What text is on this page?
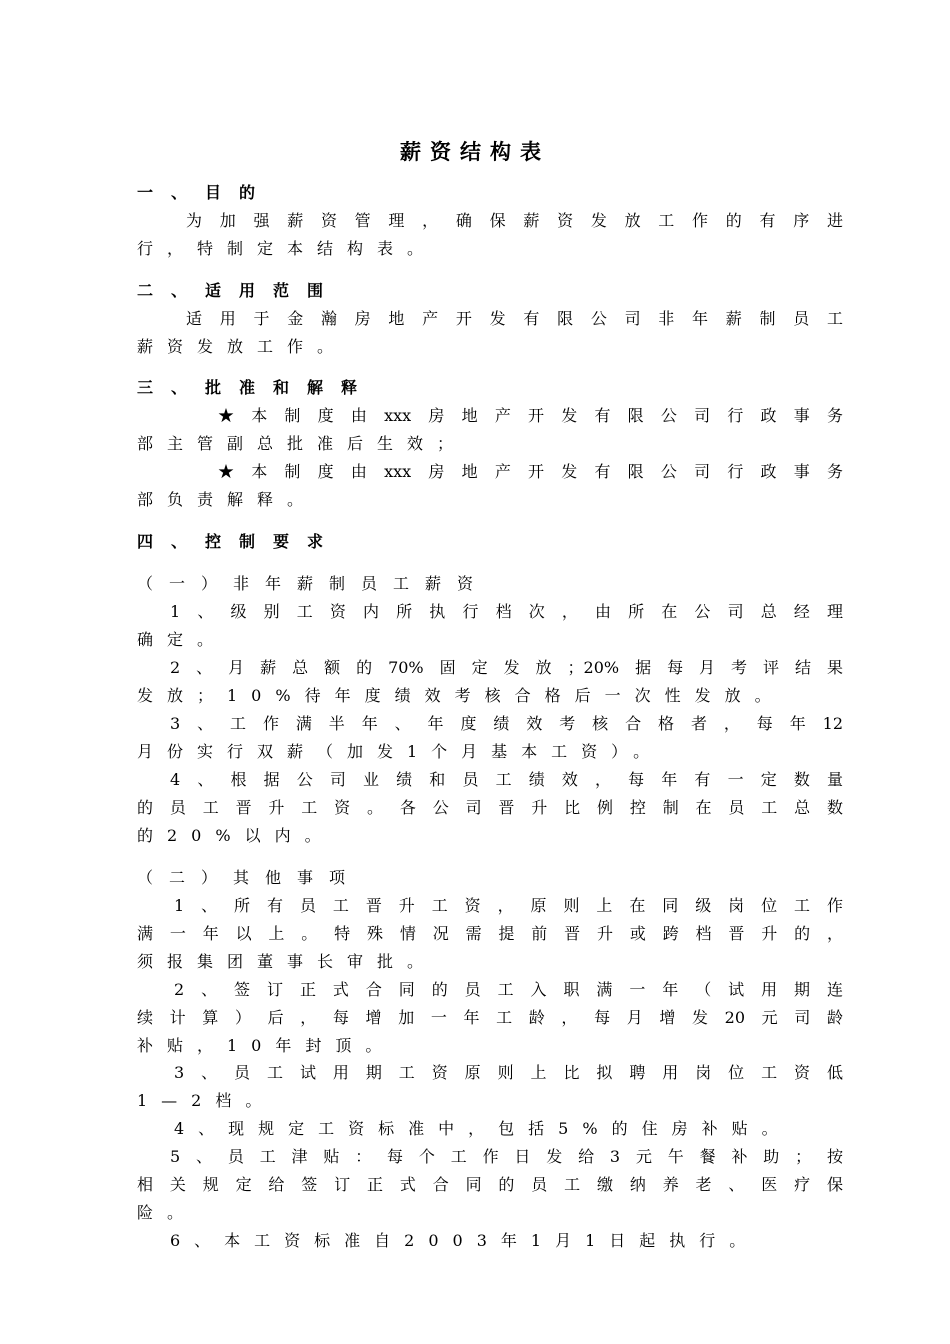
薪资结构表
一、目的
为加强薪资管理，确保薪资发放工作的有序进
行，特制定本结构表。
二、适用范围
适用于金瀚房地产开发有限公司非年薪制员工
薪资发放工作。
三、批准和解释
★本制度由xxx房地产开发有限公司行政事务
部主管副总批准后生效；
★本制度由xxx房地产开发有限公司行政事务
部负责解释。
四、控制要求
（一）非年薪制员工薪资
1、级别工资内所执行档次，由所在公司总经理
确定。
2、月薪总额的70%固定发放；20%据每月考评结果
发放；10%待年度绩效考核合格后一次性发放。
3、工作满半年、年度绩效考核合格者，每年12
月份实行双薪（加发1个月基本工资）。
4、根据公司业绩和员工绩效，每年有一定数量
的员工晋升工资。各公司晋升比例控制在员工总数
的20%以内。
（二）其他事项
1、所有员工晋升工资，原则上在同级岗位工作
满一年以上。特殊情况需提前晋升或跨档晋升的，
须报集团董事长审批。
2、签订正式合同的员工入职满一年（试用期连
续计算）后，每增加一年工龄，每月增发20元司龄
补贴，10年封顶。
3、员工试用期工资原则上比拟聘用岗位工资低
1—2档。
4、现规定工资标准中，包括5%的住房补贴。
5、员工津贴：每个工作日发给3元午餐补助；按
相关规定给签订正式合同的员工缴纳养老、医疗保
险。
6、本工资标准自2003年1月1日起执行。
